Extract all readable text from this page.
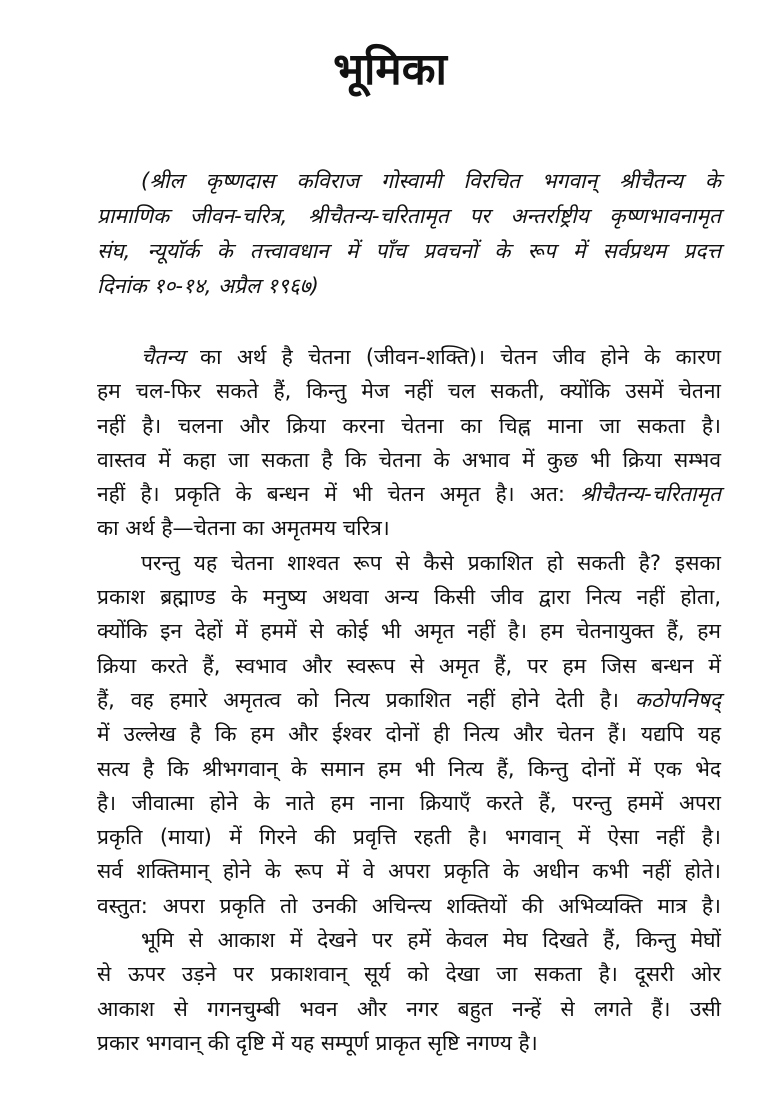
भूमिका
(श्रील कृष्णदास कविराज गोस्वामी विरचित भगवान् श्रीचैतन्य के
प्रामाणिक जीवन-चरित्र, श्रीचैतन्य-चरितामृत पर अन्तर्राष्ट्रीय कृष्णभावनामृत
संघ, न्यूयॉर्क के तत्त्वावधान में पाँच प्रवचनों के रूप में सर्वप्रथम प्रदत्त
दिनांक १०-१४, अप्रैल १९६७)
चैतन्य का अर्थ है चेतना (जीवन-शक्ति)। चेतन जीव होने के कारण
हम चल-फिर सकते हैं, किन्तु मेज नहीं चल सकती, क्योंकि उसमें चेतना
नहीं है। चलना और क्रिया करना चेतना का चिह्न माना जा सकता है।
वास्तव में कहा जा सकता है कि चेतना के अभाव में कुछ भी क्रिया सम्भव
नहीं है। प्रकृति के बन्धन में भी चेतन अमृत है। अत: श्रीचैतन्य-चरितामृत
का अर्थ है—चेतना का अमृतमय चरित्र।
परन्तु यह चेतना शाश्वत रूप से कैसे प्रकाशित हो सकती है? इसका
प्रकाश ब्रह्माण्ड के मनुष्य अथवा अन्य किसी जीव द्वारा नित्य नहीं होता,
क्योंकि इन देहों में हममें से कोई भी अमृत नहीं है। हम चेतनायुक्त हैं, हम
क्रिया करते हैं, स्वभाव और स्वरूप से अमृत हैं, पर हम जिस बन्धन में
हैं, वह हमारे अमृतत्व को नित्य प्रकाशित नहीं होने देती है। कठोपनिषद्
में उल्लेख है कि हम और ईश्वर दोनों ही नित्य और चेतन हैं। यद्यपि यह
सत्य है कि श्रीभगवान् के समान हम भी नित्य हैं, किन्तु दोनों में एक भेद
है। जीवात्मा होने के नाते हम नाना क्रियाएँ करते हैं, परन्तु हममें अपरा
प्रकृति (माया) में गिरने की प्रवृत्ति रहती है। भगवान् में ऐसा नहीं है।
सर्व शक्तिमान् होने के रूप में वे अपरा प्रकृति के अधीन कभी नहीं होते।
वस्तुत: अपरा प्रकृति तो उनकी अचिन्त्य शक्तियों की अभिव्यक्ति मात्र है।
भूमि से आकाश में देखने पर हमें केवल मेघ दिखते हैं, किन्तु मेघों
से ऊपर उड़ने पर प्रकाशवान् सूर्य को देखा जा सकता है। दूसरी ओर
आकाश से गगनचुम्बी भवन और नगर बहुत नन्हें से लगते हैं। उसी
प्रकार भगवान् की दृष्टि में यह सम्पूर्ण प्राकृत सृष्टि नगण्य है।
